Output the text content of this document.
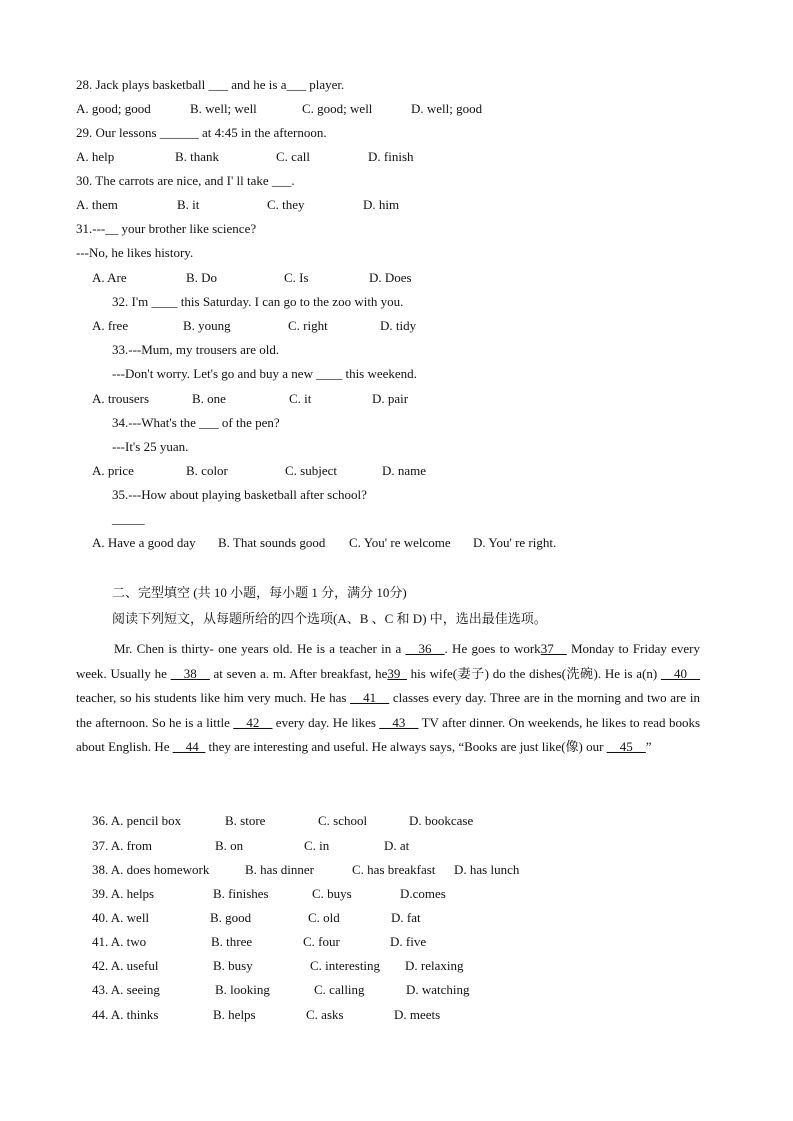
28. Jack plays basketball ___ and he is a___ player.
A. good; good	B. well; well	C. good; well	D. well; good
29. Our lessons ______ at 4:45 in the afternoon.
A. help	B. thank	C. call	D. finish
30. The carrots are nice, and I' ll take ___.
A. them	B. it	C. they	D. him
31.---__ your brother like science?
---No, he likes history.
A. Are	B. Do	C. Is	D. Does
32. I'm ____ this Saturday. I can go to the zoo with you.
A. free	B. young	C. right	D. tidy
33.---Mum, my trousers are old.
---Don't worry. Let's go and buy a new ____ this weekend.
A. trousers	B. one	C. it	D. pair
34.---What's the ___ of the pen?
---It's 25 yuan.
A. price	B. color	C. subject	D. name
35.---How about playing basketball after school?
_____
A. Have a good day B. That sounds good C. You' re welcome D. You' re right.
二、完型填空 (共 10 小题，每小题 1 分，满分 10分)
阅读下列短文，从每题所给的四个选项(A、B 、C 和 D) 中，选出最佳选项。
Mr. Chen is thirty- one years old. He is a teacher in a __36__. He goes to work37__ Monday to Friday every week. Usually he __38__ at seven a. m. After breakfast, he39_ his wife(妻子) do the dishes(洗碗). He is a(n) __40__ teacher, so his students like him very much. He has __41__ classes every day. Three are in the morning and two are in the afternoon. So he is a little __42__ every day. He likes __43__ TV after dinner. On weekends, he likes to read books about English. He __44_ they are interesting and useful. He always says, “Books are just like(像) our __45__”
36. A. pencil box	B. store	C. school	D. bookcase
37. A. from	B. on	C. in	D. at
38. A. does homework	B. has dinner	C. has breakfast D. has lunch
39. A. helps	B. finishes	C. buys	D.comes
40. A. well	B. good	C. old	D. fat
41. A. two	B. three	C. four	D. five
42. A. useful	B. busy	C. interesting D. relaxing
43. A. seeing	B. looking	C. calling	D. watching
44. A. thinks	B. helps	C. asks	D. meets
